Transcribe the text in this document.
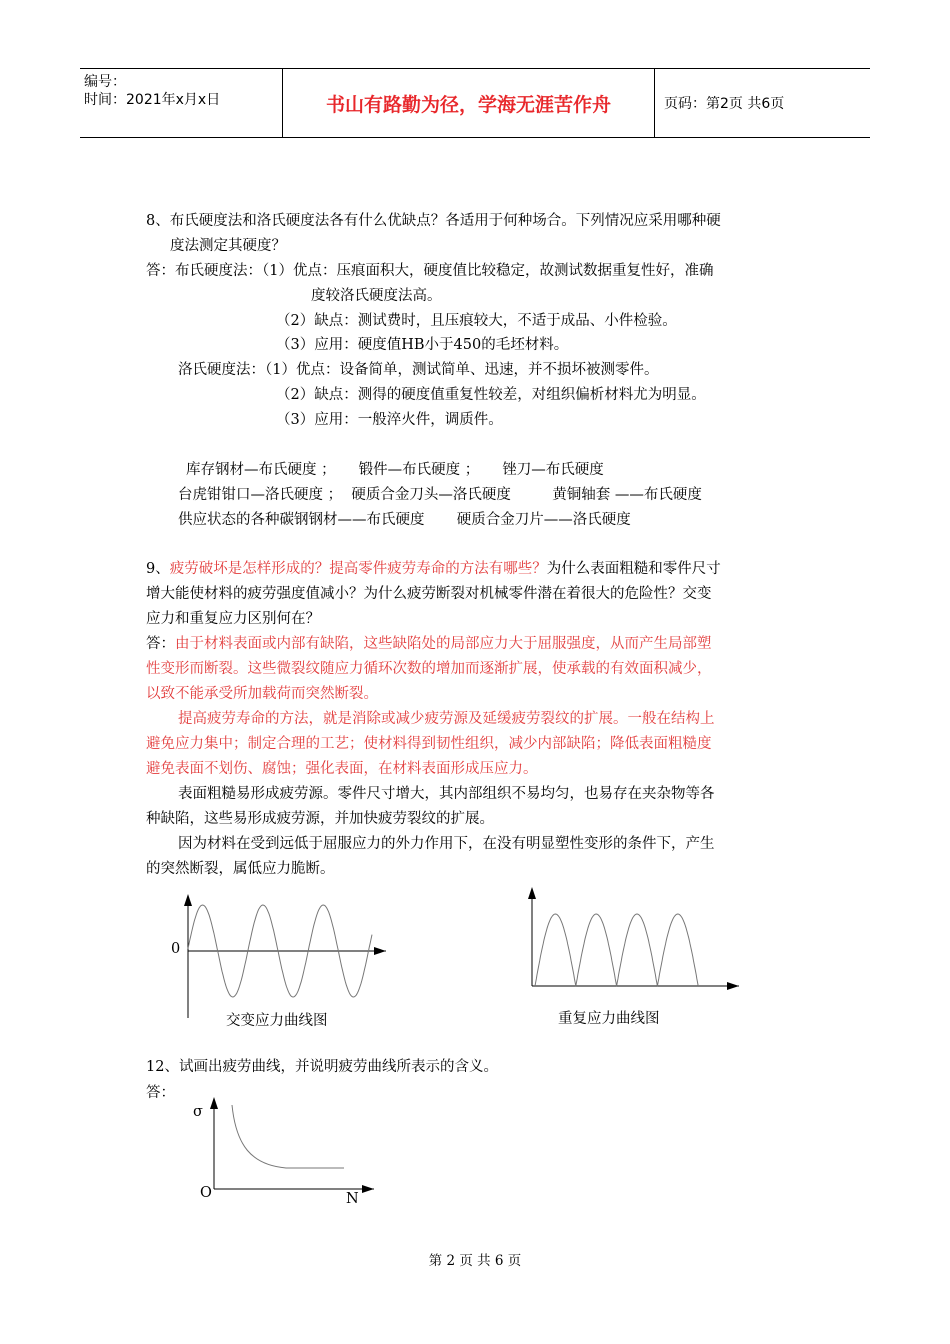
编号：
时间：2021年x月x日	书山有路勤为径，学海无涯苦作舟	页码：第2页 共6页
8、布氏硬度法和洛氏硬度法各有什么优缺点？各适用于何种场合。下列情况应采用哪种硬
度法测定其硬度？
答：布氏硬度法：（1）优点：压痕面积大，硬度值比较稳定，故测试数据重复性好，准确
度较洛氏硬度法高。
（2）缺点：测试费时，且压痕较大，不适于成品、小件检验。
（3）应用：硬度值HB小于450的毛坯材料。
洛氏硬度法：（1）优点：设备简单，测试简单、迅速，并不损坏被测零件。
（2）缺点：测得的硬度值重复性较差，对组织偏析材料尤为明显。
（3）应用：一般淬火件，调质件。
库存钢材—布氏硬度 ；     锻件—布氏硬度 ；     锉刀—布氏硬度
台虎钳钳口—洛氏硬度 ；  硬质合金刀头—洛氏硬度         黄铜轴套 ——布氏硬度
供应状态的各种碳钢钢材——布氏硬度       硬质合金刀片——洛氏硬度
9、疲劳破坏是怎样形成的？提高零件疲劳寿命的方法有哪些？为什么表面粗糙和零件尺寸
增大能使材料的疲劳强度值减小？为什么疲劳断裂对机械零件潜在着很大的危险性？交变
应力和重复应力区别何在？
答：由于材料表面或内部有缺陷，这些缺陷处的局部应力大于屈服强度，从而产生局部塑
性变形而断裂。这些微裂纹随应力循环次数的增加而逐渐扩展，使承载的有效面积减少，
以致不能承受所加载荷而突然断裂。
提高疲劳寿命的方法，就是消除或减少疲劳源及延缓疲劳裂纹的扩展。一般在结构上
避免应力集中；制定合理的工艺；使材料得到韧性组织，减少内部缺陷；降低表面粗糙度
避免表面不划伤、腐蚀；强化表面，在材料表面形成压应力。
表面粗糙易形成疲劳源。零件尺寸增大，其内部组织不易均匀，也易存在夹杂物等各
种缺陷，这些易形成疲劳源，并加快疲劳裂纹的扩展。
因为材料在受到远低于屈服应力的外力作用下，在没有明显塑性变形的条件下，产生
的突然断裂，属低应力脆断。
0
交变应力曲线图	重复应力曲线图
12、试画出疲劳曲线，并说明疲劳曲线所表示的含义。
答：
σ
O	N
第 2 页 共 6 页
